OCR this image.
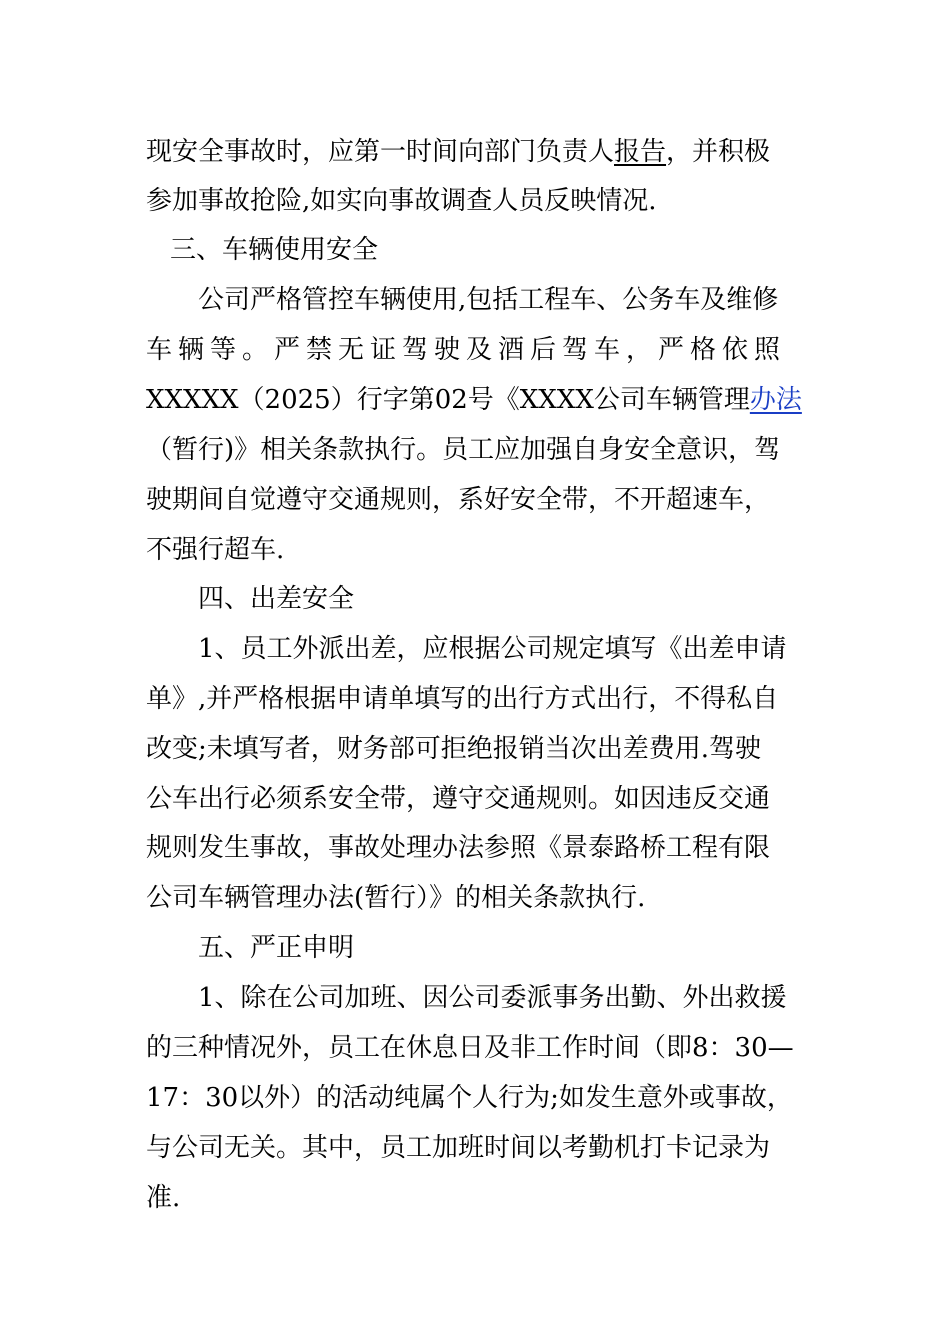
现安全事故时，应第一时间向部门负责人报告，并积极
参加事故抢险,如实向事故调查人员反映情况.
三、车辆使用安全
公司严格管控车辆使用,包括工程车、公务车及维修
车辆等。严禁无证驾驶及酒后驾车，严格依照
XXXXX（2025）行字第02号《XXXX公司车辆管理办法
（暂行)》相关条款执行。员工应加强自身安全意识，驾
驶期间自觉遵守交通规则，系好安全带，不开超速车，
不强行超车.
四、出差安全
1、员工外派出差，应根据公司规定填写《出差申请
单》,并严格根据申请单填写的出行方式出行，不得私自
改变;未填写者，财务部可拒绝报销当次出差费用.驾驶
公车出行必须系安全带，遵守交通规则。如因违反交通
规则发生事故，事故处理办法参照《景泰路桥工程有限
公司车辆管理办法(暂行）》的相关条款执行.
五、严正申明
1、除在公司加班、因公司委派事务出勤、外出救援
的三种情况外，员工在休息日及非工作时间（即8：30—
17：30以外）的活动纯属个人行为;如发生意外或事故，
与公司无关。其中，员工加班时间以考勤机打卡记录为
准.
